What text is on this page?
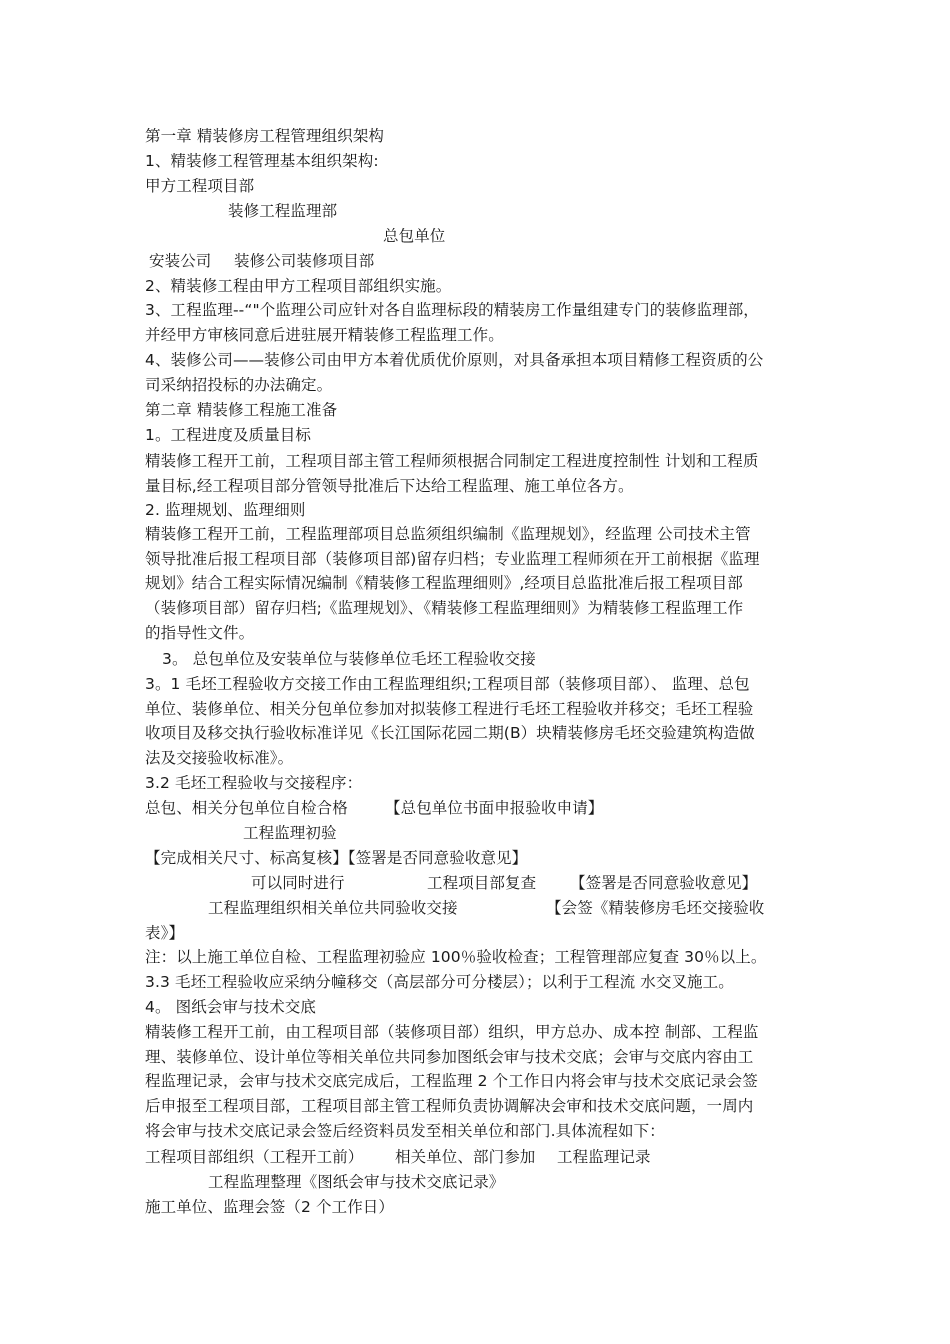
第一章 精装修房工程管理组织架构
1、精装修工程管理基本组织架构:
甲方工程项目部
装修工程监理部
总包单位
安装公司 装修公司装修项目部
2、精装修工程由甲方工程项目部组织实施。
3、工程监理--“"个监理公司应针对各自监理标段的精装房工作量组建专门的装修监理部，
并经甲方审核同意后进驻展开精装修工程监理工作。
4、装修公司——装修公司由甲方本着优质优价原则，对具备承担本项目精修工程资质的公
司采纳招投标的办法确定。
第二章 精装修工程施工准备
1。工程进度及质量目标
精装修工程开工前，工程项目部主管工程师须根据合同制定工程进度控制性 计划和工程质
量目标,经工程项目部分管领导批准后下达给工程监理、施工单位各方。
2. 监理规划、监理细则
精装修工程开工前，工程监理部项目总监须组织编制《监理规划》，经监理 公司技术主管
领导批准后报工程项目部（装修项目部)留存归档；专业监理工程师须在开工前根据《监理
规划》结合工程实际情况编制《精装修工程监理细则》,经项目总监批准后报工程项目部
（装修项目部）留存归档;《监理规划》、《精装修工程监理细则》为精装修工程监理工作
的指导性文件。
3。 总包单位及安装单位与装修单位毛坯工程验收交接
3。1 毛坯工程验收方交接工作由工程监理组织;工程项目部（装修项目部）、 监理、总包
单位、装修单位、相关分包单位参加对拟装修工程进行毛坯工程验收并移交；毛坯工程验
收项目及移交执行验收标准详见《长江国际花园二期(B）块精装修房毛坯交验建筑构造做
法及交接验收标准》。
3.2 毛坯工程验收与交接程序：
总包、相关分包单位自检合格 【总包单位书面申报验收申请】
工程监理初验
【完成相关尺寸、标高复核】【签署是否同意验收意见】
可以同时进行	工程项目部复查 【签署是否同意验收意见】
工程监理组织相关单位共同验收交接	【会签《精装修房毛坯交接验收
表》】
注：以上施工单位自检、工程监理初验应 100％验收检查；工程管理部应复查 30％以上。
3.3 毛坯工程验收应采纳分幢移交（高层部分可分楼层）；以利于工程流 水交叉施工。
4。 图纸会审与技术交底
精装修工程开工前，由工程项目部（装修项目部）组织，甲方总办、成本控 制部、工程监
理、装修单位、设计单位等相关单位共同参加图纸会审与技术交底；会审与交底内容由工
程监理记录，会审与技术交底完成后，工程监理 2 个工作日内将会审与技术交底记录会签
后申报至工程项目部，工程项目部主管工程师负责协调解决会审和技术交底问题，一周内
将会审与技术交底记录会签后经资料员发至相关单位和部门.具体流程如下：
工程项目部组织（工程开工前） 相关单位、部门参加 工程监理记录
工程监理整理《图纸会审与技术交底记录》
施工单位、监理会签（2 个工作日）
